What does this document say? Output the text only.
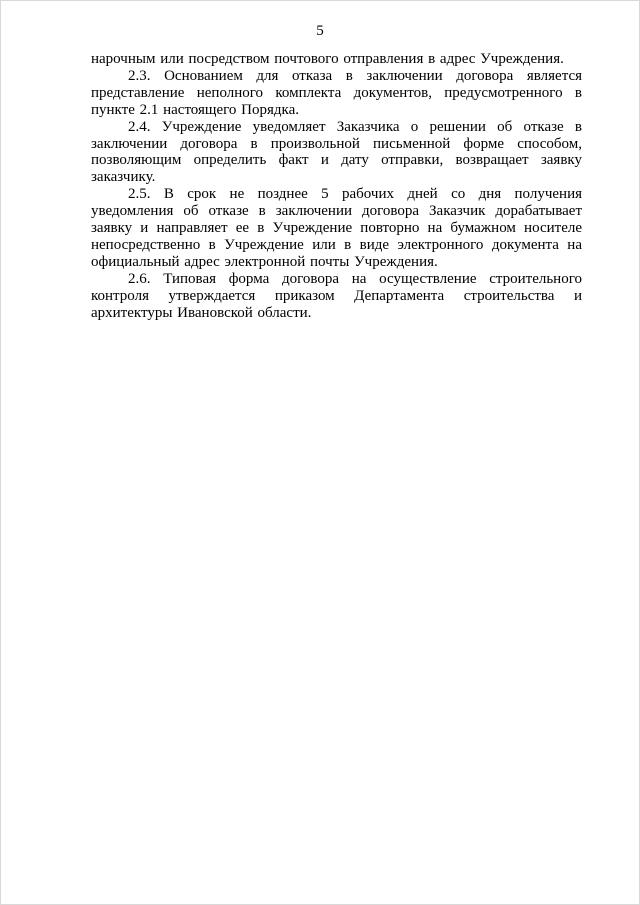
5

нарочным или посредством почтового отправления в адрес Учреждения.

2.3. Основанием для отказа в заключении договора является представление неполного комплекта документов, предусмотренного в пункте 2.1 настоящего Порядка.

2.4. Учреждение уведомляет Заказчика о решении об отказе в заключении договора в произвольной письменной форме способом, позволяющим определить факт и дату отправки, возвращает заявку заказчику.

2.5. В срок не позднее 5 рабочих дней со дня получения уведомления об отказе в заключении договора Заказчик дорабатывает заявку и направляет ее в Учреждение повторно на бумажном носителе непосредственно в Учреждение или в виде электронного документа на официальный адрес электронной почты Учреждения.

2.6. Типовая форма договора на осуществление строительного контроля утверждается приказом Департамента строительства и архитектуры Ивановской области.
